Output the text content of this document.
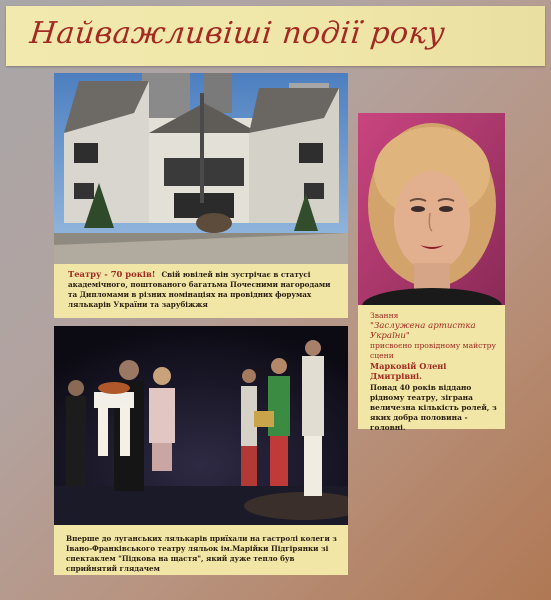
Найважливіші події року
Театру - 70 років! Свій ювілей він зустрічає в статусі академічного, поштованого багатьма Почесними нагородами та Дипломами в різних номінаціях на провідних форумах лялькарів України та зарубіжжя
Вперше до луганських лялькарів приїхали на гастролі колеги з Івано-Франківського театру ляльок ім.Марійки Підгірянки зі спектаклем "Підкова на щастя", який дуже тепло був сприйнятий глядачем
Звання
"Заслужена артистка України"
присвоєно провідному майстру сцени
Марковій Олені Дмитрівні.
Понад 40 років віддано рідному театру, зіграна величезна кількість ролей, з яких добра половина - головні.
